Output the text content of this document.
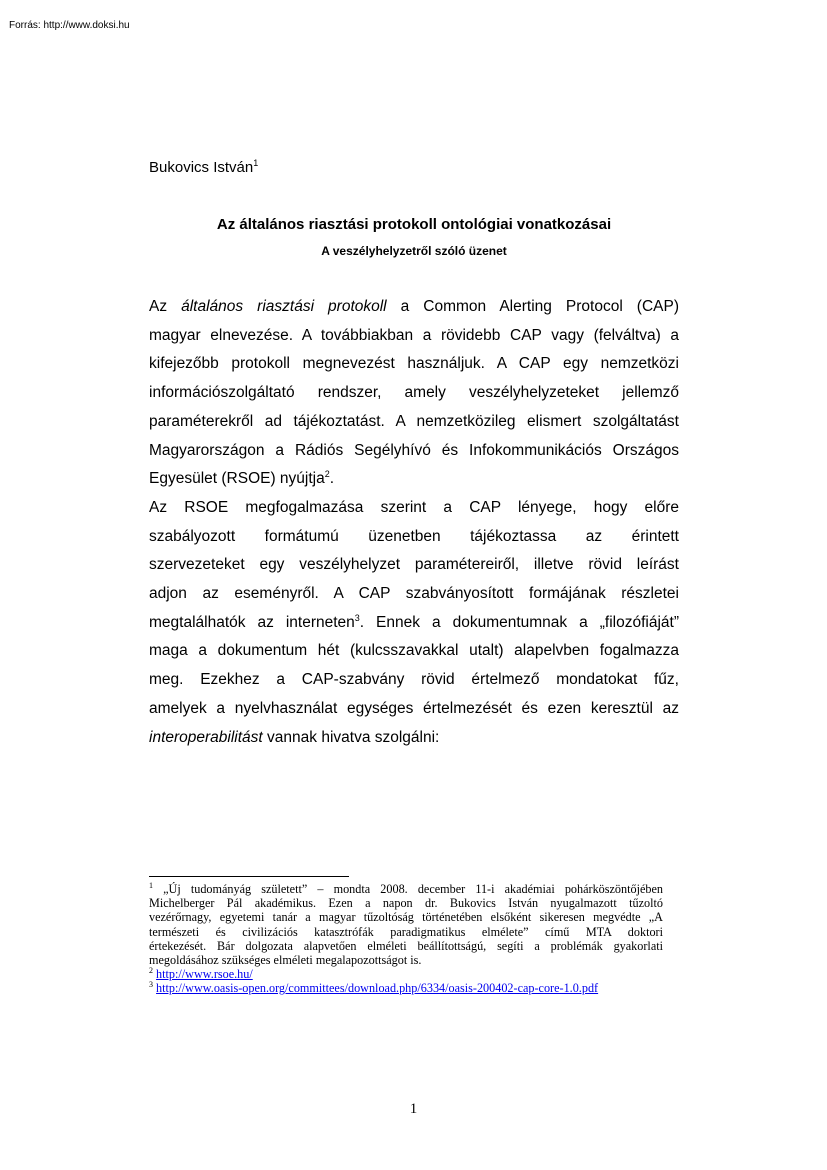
Forrás: http://www.doksi.hu
Bukovics István$^1$
Az általános riasztási protokoll ontológiai vonatkozásai
A veszélyhelyzetről szóló üzenet

Az általános riasztási protokoll a Common Alerting Protocol (CAP)
magyar elnevezése. A továbbiakban a rövidebb CAP vagy (felváltva) a
kifejezőbb protokoll megnevezést használjuk. A CAP egy nemzetközi
információszolgáltató rendszer, amely veszélyhelyzeteket jellemző
paraméterekről ad tájékoztatást. A nemzetközileg elismert szolgáltatást
Magyarországon a Rádiós Segélyhívó és Infokommunikációs Országos
Egyesület (RSOE) nyújtja$^2$.

Az RSOE megfogalmazása szerint a CAP lényege, hogy előre
szabályozott formátumú üzenetben tájékoztassa az érintett
szervezeteket egy veszélyhelyzet paramétereiről, illetve rövid leírást
adjon az eseményről. A CAP szabványosított formájának részletei
megtalálhatók az interneten$^3$. Ennek a dokumentumnak a „filozófiáját”
maga a dokumentum hét (kulcsszavakkal utalt) alapelvben fogalmazza
meg. Ezekhez a CAP-szabvány rövid értelmező mondatokat fűz,
amelyek a nyelvhasználat egységes értelmezését és ezen keresztül az
interoperabilitást vannak hivatva szolgálni:

$^1$ „Új tudományág született” – mondta 2008. december 11-i akadémiai pohárköszöntőjében
Michelberger Pál akadémikus. Ezen a napon dr. Bukovics István nyugalmazott tűzoltó
vezérőrnagy, egyetemi tanár a magyar tűzoltóság történetében elsőként sikeresen megvédte „A
természeti és civilizációs katasztrófák paradigmatikus elmélete” című MTA doktori
értekezését. Bár dolgozata alapvetően elméleti beállítottságú, segíti a problémák gyakorlati
megoldásához szükséges elméleti megalapozottságot is.
$^2$ http://www.rsoe.hu/
$^3$ http://www.oasis-open.org/committees/download.php/6334/oasis-200402-cap-core-1.0.pdf
1
